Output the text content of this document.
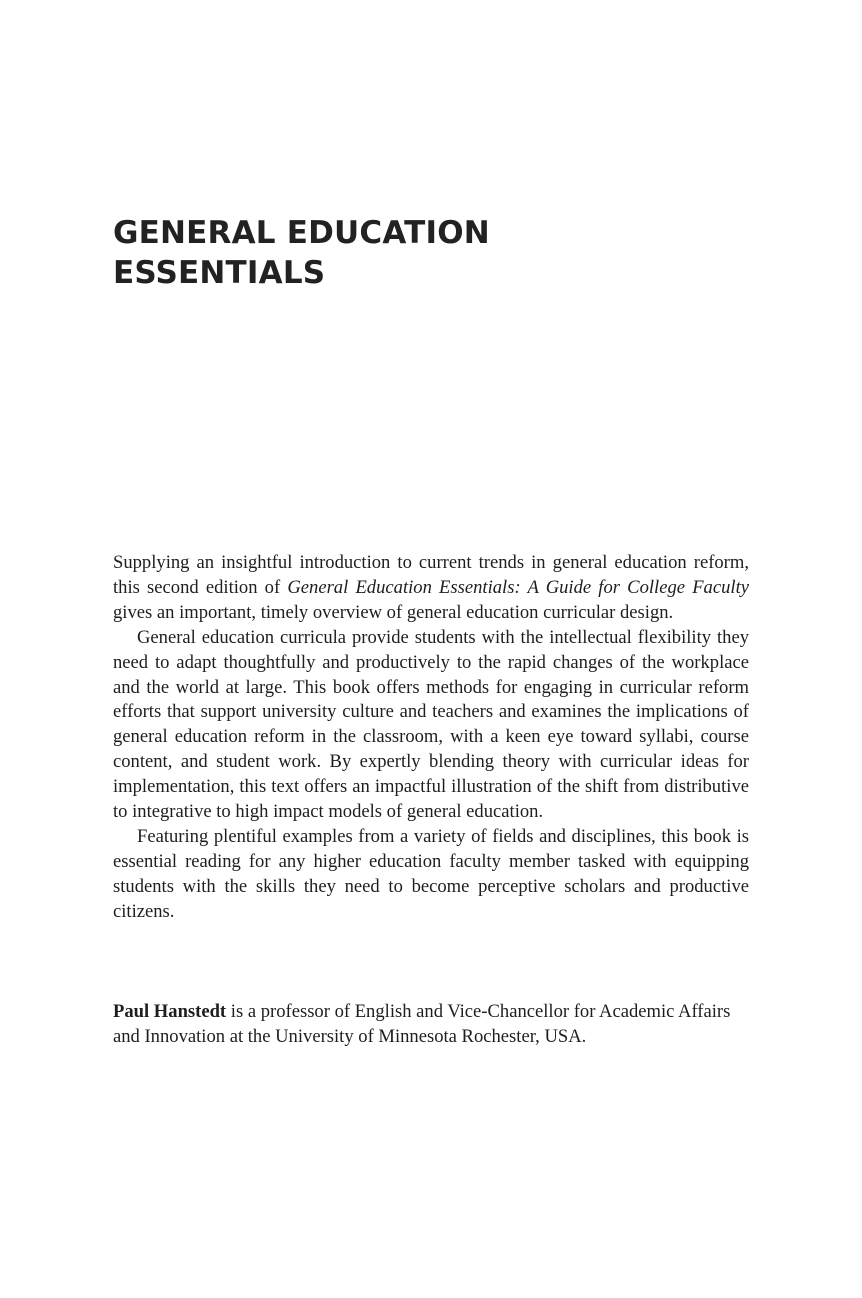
GENERAL EDUCATION
ESSENTIALS

Supplying an insightful introduction to current trends in general education reform, this second edition of General Education Essentials: A Guide for College Faculty gives an important, timely overview of general education curricular design.

General education curricula provide students with the intellectual flexibility they need to adapt thoughtfully and productively to the rapid changes of the workplace and the world at large. This book offers methods for engaging in curricular reform efforts that support university culture and teachers and examines the implications of general education reform in the classroom, with a keen eye toward syllabi, course content, and student work. By expertly blending theory with curricular ideas for implementation, this text offers an impactful illustration of the shift from distributive to integrative to high impact models of general education.

Featuring plentiful examples from a variety of fields and disciplines, this book is essential reading for any higher education faculty member tasked with equipping students with the skills they need to become perceptive scholars and productive citizens.

Paul Hanstedt is a professor of English and Vice-Chancellor for Academic Affairs and Innovation at the University of Minnesota Rochester, USA.
